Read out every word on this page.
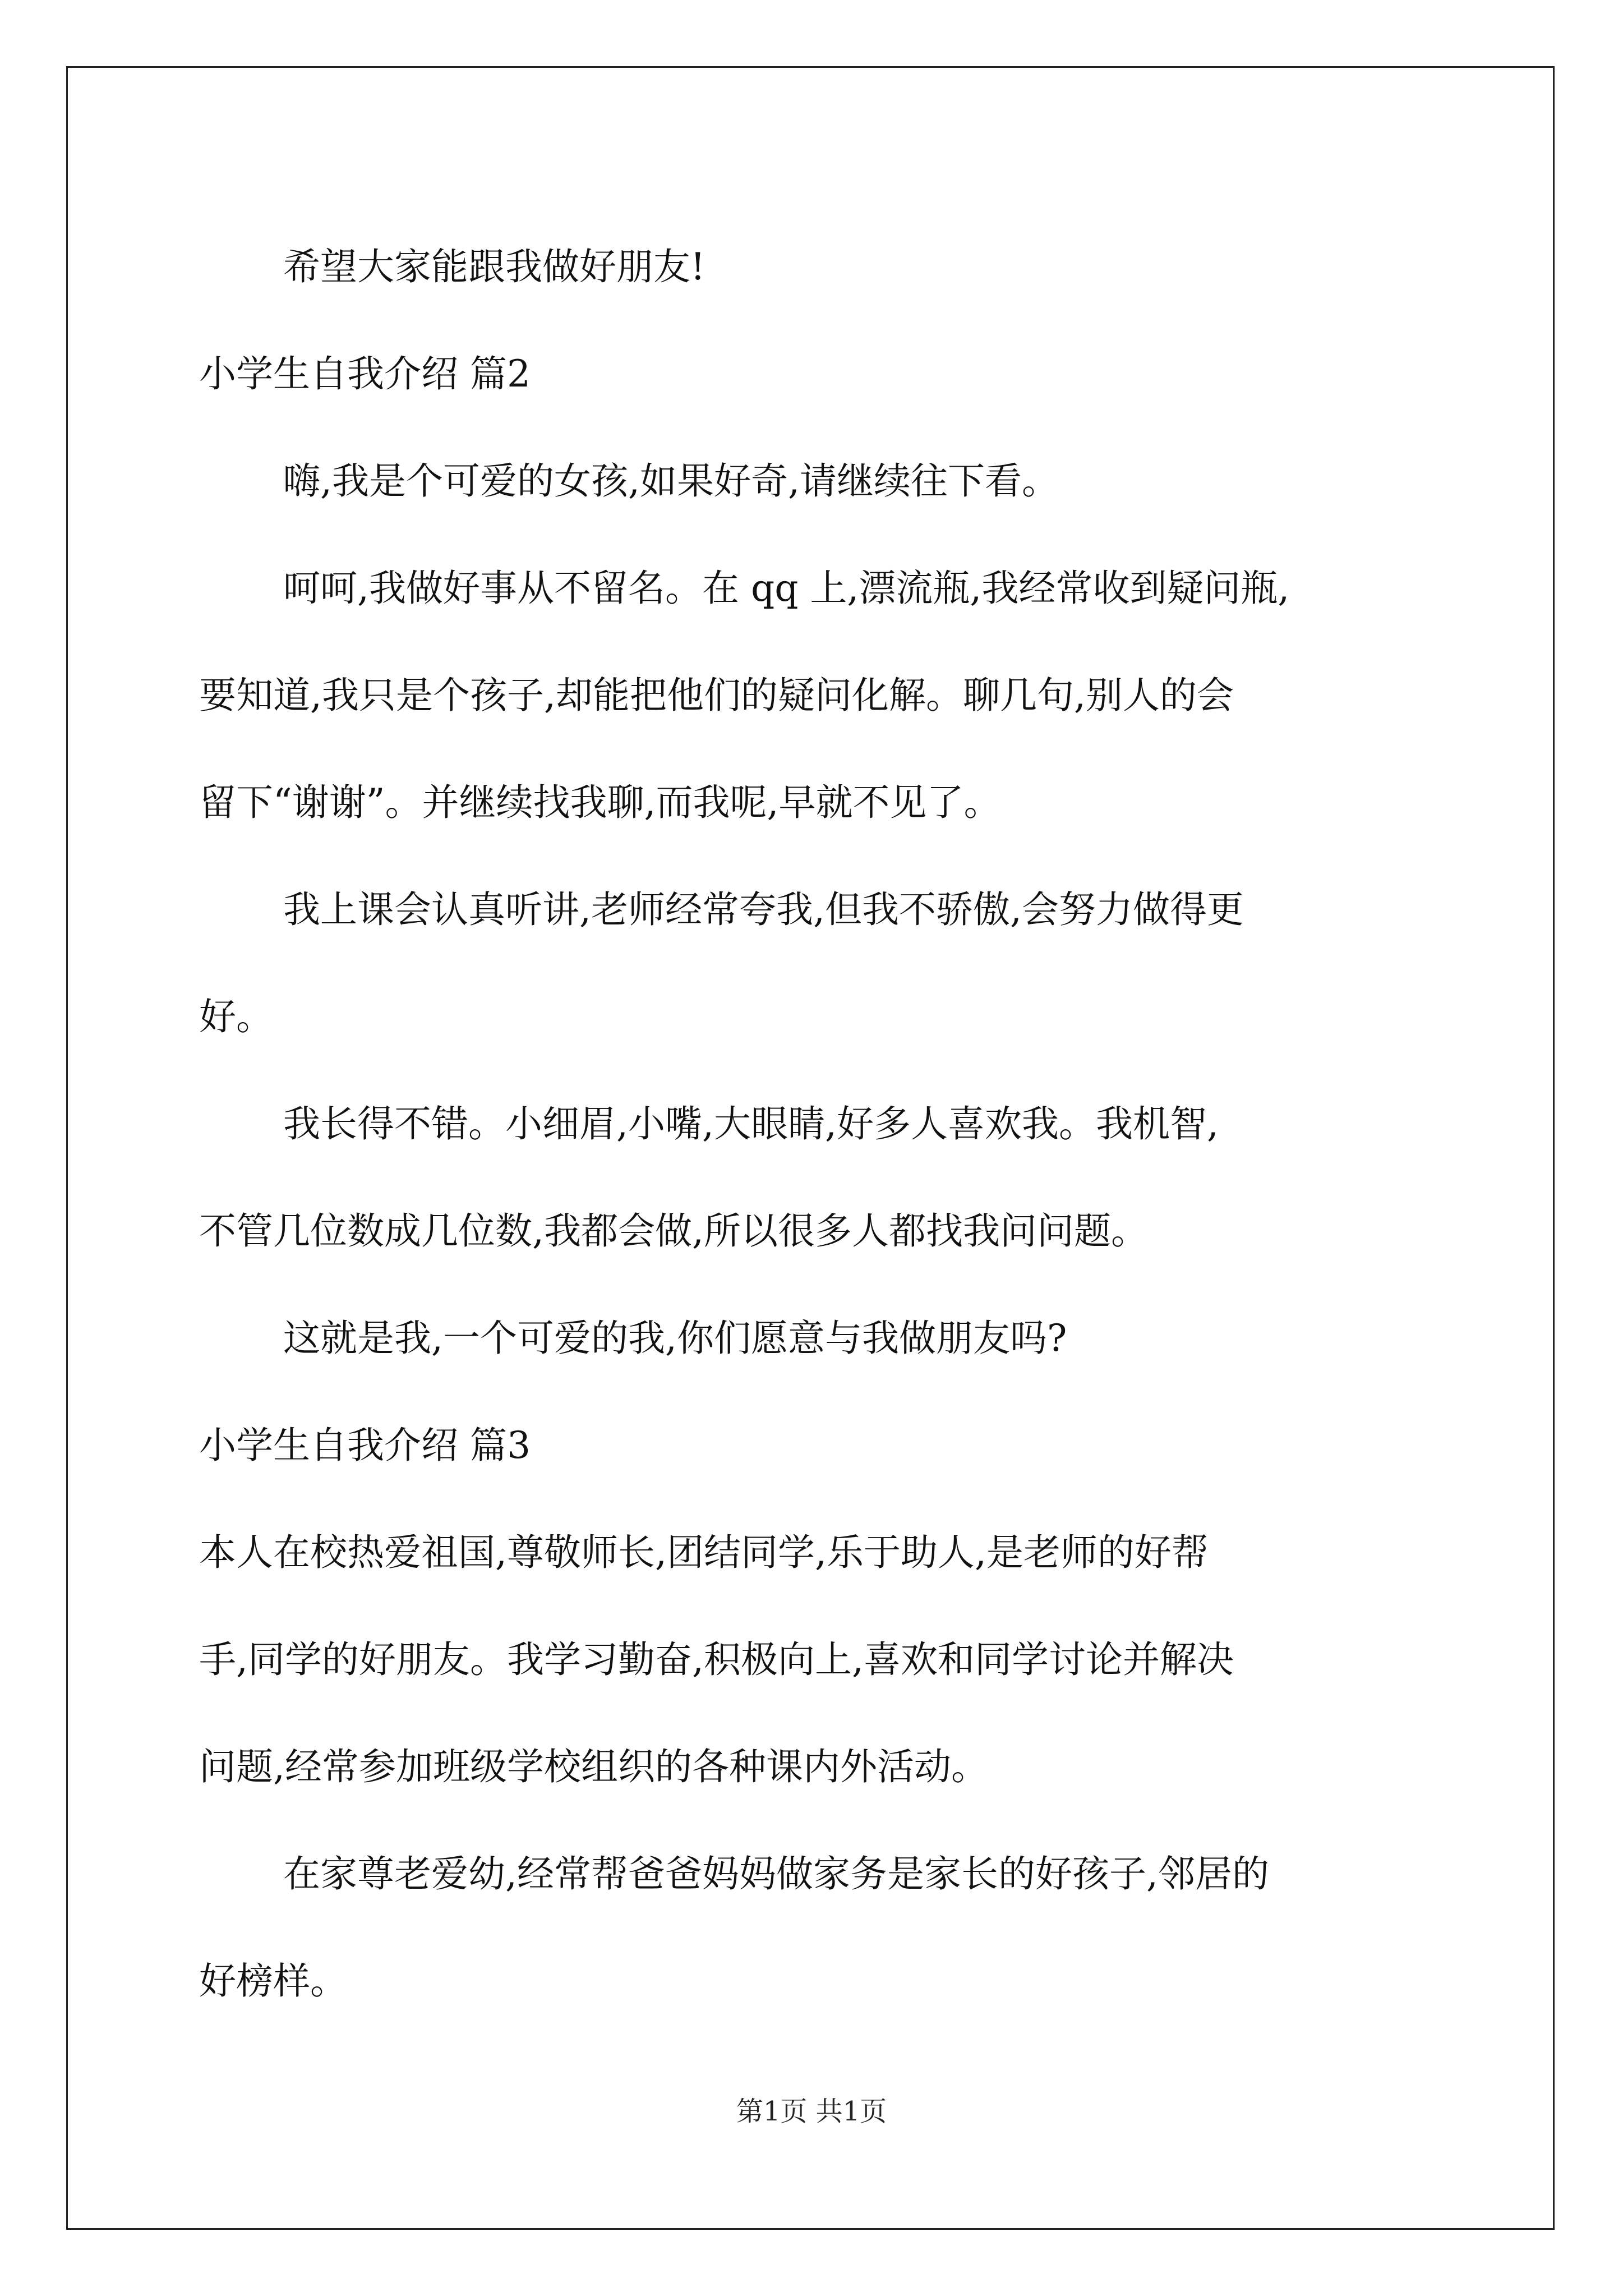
希望大家能跟我做好朋友!

小学生自我介绍 篇2

嗨,我是个可爱的女孩,如果好奇,请继续往下看。

呵呵,我做好事从不留名。在 qq 上,漂流瓶,我经常收到疑问瓶,

要知道,我只是个孩子,却能把他们的疑问化解。聊几句,别人的会

留下“谢谢”。并继续找我聊,而我呢,早就不见了。

我上课会认真听讲,老师经常夸我,但我不骄傲,会努力做得更

好。

我长得不错。小细眉,小嘴,大眼睛,好多人喜欢我。我机智,

不管几位数成几位数,我都会做,所以很多人都找我问问题。

这就是我,一个可爱的我,你们愿意与我做朋友吗?

小学生自我介绍 篇3

本人在校热爱祖国,尊敬师长,团结同学,乐于助人,是老师的好帮

手,同学的好朋友。我学习勤奋,积极向上,喜欢和同学讨论并解决

问题,经常参加班级学校组织的各种课内外活动。

在家尊老爱幼,经常帮爸爸妈妈做家务是家长的好孩子,邻居的

好榜样。

第1页 共1页
